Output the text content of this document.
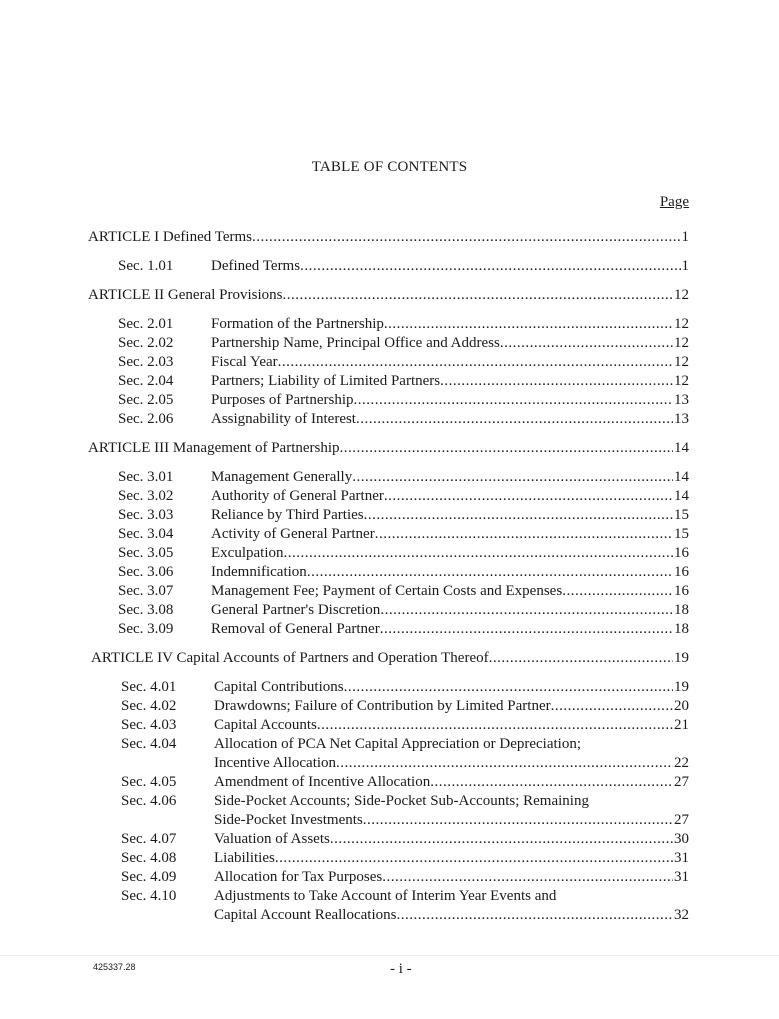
TABLE OF CONTENTS
Page
ARTICLE I Defined Terms .....	1
Sec. 1.01	Defined Terms .....	1
ARTICLE II General Provisions .....	12
Sec. 2.01	Formation of the Partnership .....	12
Sec. 2.02	Partnership Name, Principal Office and Address .....	12
Sec. 2.03	Fiscal Year .....	12
Sec. 2.04	Partners; Liability of Limited Partners .....	12
Sec. 2.05	Purposes of Partnership .....	13
Sec. 2.06	Assignability of Interest .....	13
ARTICLE III Management of Partnership .....	14
Sec. 3.01	Management Generally .....	14
Sec. 3.02	Authority of General Partner .....	14
Sec. 3.03	Reliance by Third Parties .....	15
Sec. 3.04	Activity of General Partner .....	15
Sec. 3.05	Exculpation .....	16
Sec. 3.06	Indemnification .....	16
Sec. 3.07	Management Fee; Payment of Certain Costs and Expenses .....	16
Sec. 3.08	General Partner's Discretion .....	18
Sec. 3.09	Removal of General Partner .....	18
ARTICLE IV Capital Accounts of Partners and Operation Thereof .....	19
Sec. 4.01	Capital Contributions .....	19
Sec. 4.02	Drawdowns; Failure of Contribution by Limited Partner .....	20
Sec. 4.03	Capital Accounts .....	21
Sec. 4.04	Allocation of PCA Net Capital Appreciation or Depreciation;
Incentive Allocation .....	22
Sec. 4.05	Amendment of Incentive Allocation .....	27
Sec. 4.06	Side-Pocket Accounts; Side-Pocket Sub-Accounts; Remaining
Side-Pocket Investments .....	27
Sec. 4.07	Valuation of Assets .....	30
Sec. 4.08	Liabilities .....	31
Sec. 4.09	Allocation for Tax Purposes .....	31
Sec. 4.10	Adjustments to Take Account of Interim Year Events and
Capital Account Reallocations .....	32
425337.28	- i -
